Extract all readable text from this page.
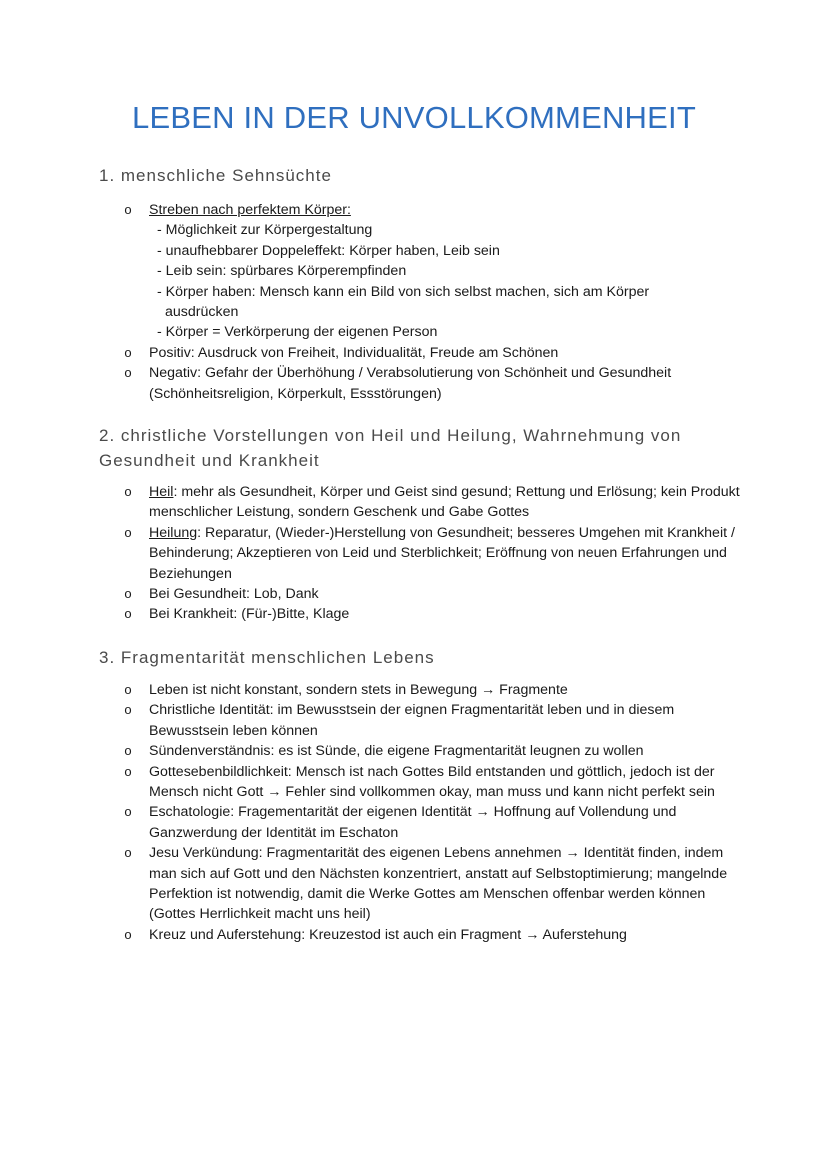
LEBEN IN DER UNVOLLKOMMENHEIT
1. menschliche Sehnsüchte
o Streben nach perfektem Körper:
- Möglichkeit zur Körpergestaltung
- unaufhebbarer Doppeleffekt: Körper haben, Leib sein
- Leib sein: spürbares Körperempfinden
- Körper haben: Mensch kann ein Bild von sich selbst machen, sich am Körper
ausdrücken
- Körper = Verkörperung der eigenen Person
o Positiv: Ausdruck von Freiheit, Individualität, Freude am Schönen
o Negativ: Gefahr der Überhöhung / Verabsolutierung von Schönheit und Gesundheit (Schönheitsreligion, Körperkult, Essstörungen)
2. christliche Vorstellungen von Heil und Heilung, Wahrnehmung von Gesundheit und Krankheit
o Heil: mehr als Gesundheit, Körper und Geist sind gesund; Rettung und Erlösung; kein Produkt menschlicher Leistung, sondern Geschenk und Gabe Gottes
o Heilung: Reparatur, (Wieder-)Herstellung von Gesundheit; besseres Umgehen mit Krankheit / Behinderung; Akzeptieren von Leid und Sterblichkeit; Eröffnung von neuen Erfahrungen und Beziehungen
o Bei Gesundheit: Lob, Dank
o Bei Krankheit: (Für-)Bitte, Klage
3. Fragmentarität menschlichen Lebens
o Leben ist nicht konstant, sondern stets in Bewegung → Fragmente
o Christliche Identität: im Bewusstsein der eignen Fragmentarität leben und in diesem Bewusstsein leben können
o Sündenverständnis: es ist Sünde, die eigene Fragmentarität leugnen zu wollen
o Gottesebenbildlichkeit: Mensch ist nach Gottes Bild entstanden und göttlich, jedoch ist der Mensch nicht Gott → Fehler sind vollkommen okay, man muss und kann nicht perfekt sein
o Eschatologie: Fragementarität der eigenen Identität → Hoffnung auf Vollendung und Ganzwerdung der Identität im Eschaton
o Jesu Verkündung: Fragmentarität des eigenen Lebens annehmen → Identität finden, indem man sich auf Gott und den Nächsten konzentriert, anstatt auf Selbstoptimierung; mangelnde Perfektion ist notwendig, damit die Werke Gottes am Menschen offenbar werden können (Gottes Herrlichkeit macht uns heil)
o Kreuz und Auferstehung: Kreuzestod ist auch ein Fragment → Auferstehung
